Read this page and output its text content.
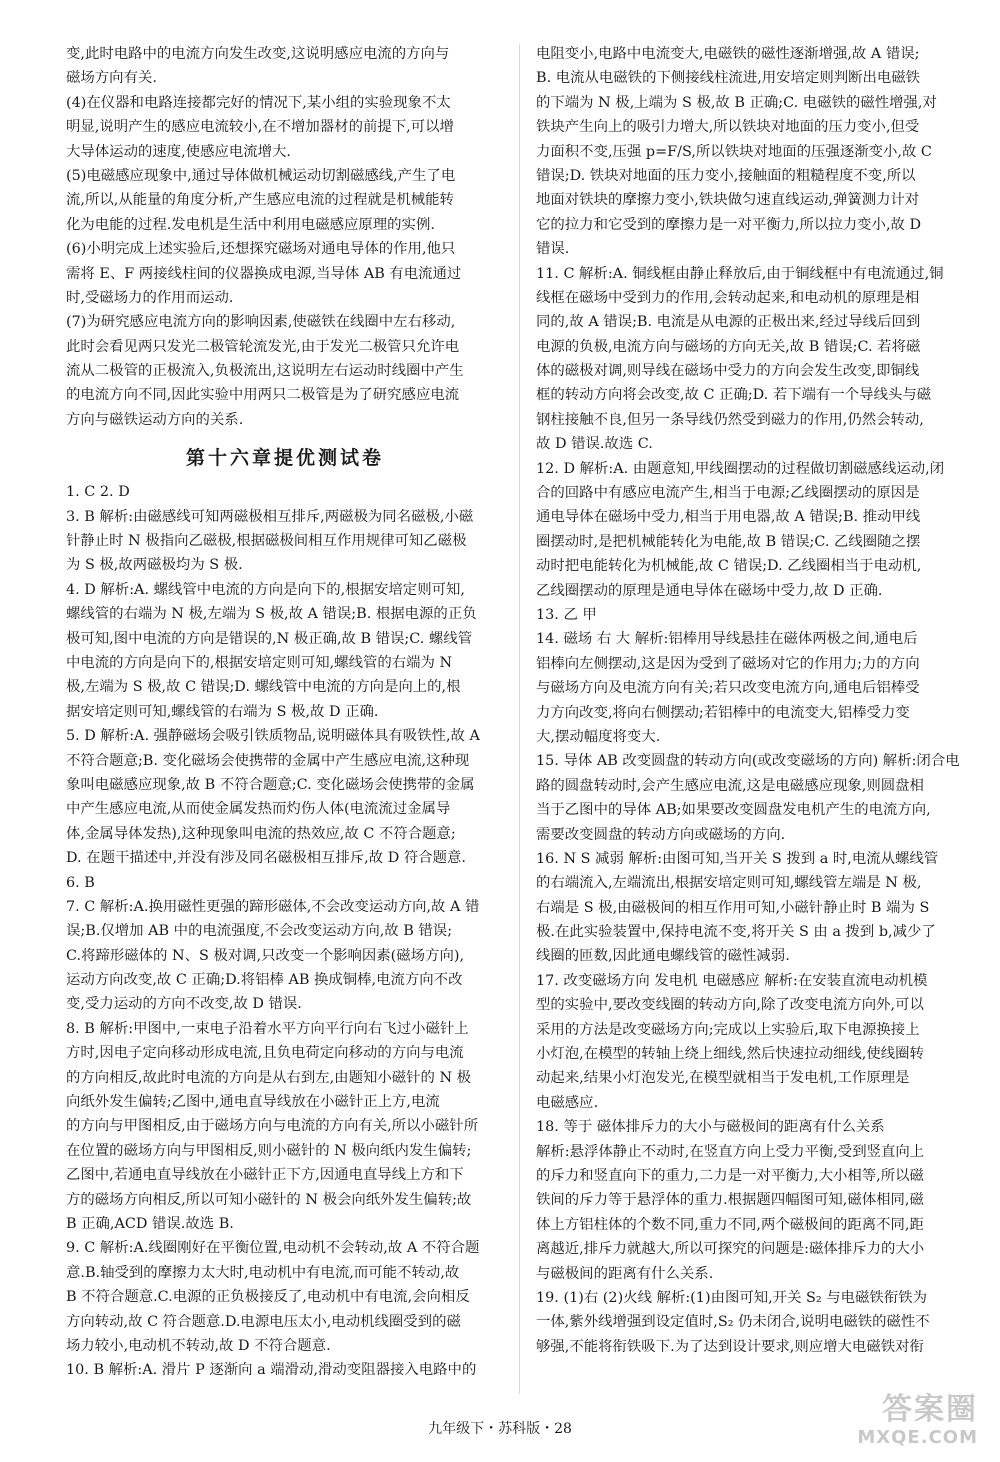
变,此时电路中的电流方向发生改变,这说明感应电流的方向与
磁场方向有关.
(4)在仪器和电路连接都完好的情况下,某小组的实验现象不太
明显,说明产生的感应电流较小,在不增加器材的前提下,可以增
大导体运动的速度,使感应电流增大.
(5)电磁感应现象中,通过导体做机械运动切割磁感线,产生了电
流,所以,从能量的角度分析,产生感应电流的过程就是机械能转
化为电能的过程.发电机是生活中利用电磁感应原理的实例.
(6)小明完成上述实验后,还想探究磁场对通电导体的作用,他只
需将 E、F 两接线柱间的仪器换成电源,当导体 AB 有电流通过
时,受磁场力的作用而运动.
(7)为研究感应电流方向的影响因素,使磁铁在线圈中左右移动,
此时会看见两只发光二极管轮流发光,由于发光二极管只允许电
流从二极管的正极流入,负极流出,这说明左右运动时线圈中产生
的电流方向不同,因此实验中用两只二极管是为了研究感应电流
方向与磁铁运动方向的关系.
第十六章提优测试卷
1. C 2. D
3. B 解析:由磁感线可知两磁极相互排斥,两磁极为同名磁极,小磁
针静止时 N 极指向乙磁极,根据磁极间相互作用规律可知乙磁极
为 S 极,故两磁极均为 S 极.
4. D 解析:A. 螺线管中电流的方向是向下的,根据安培定则可知,
螺线管的右端为 N 极,左端为 S 极,故 A 错误;B. 根据电源的正负
极可知,图中电流的方向是错误的,N 极正确,故 B 错误;C. 螺线管
中电流的方向是向下的,根据安培定则可知,螺线管的右端为 N
极,左端为 S 极,故 C 错误;D. 螺线管中电流的方向是向上的,根
据安培定则可知,螺线管的右端为 S 极,故 D 正确.
5. D 解析:A. 强静磁场会吸引铁质物品,说明磁体具有吸铁性,故 A
不符合题意;B. 变化磁场会使携带的金属中产生感应电流,这种现
象叫电磁感应现象,故 B 不符合题意;C. 变化磁场会使携带的金属
中产生感应电流,从而使金属发热而灼伤人体(电流流过金属导
体,金属导体发热),这种现象叫电流的热效应,故 C 不符合题意;
D. 在题干描述中,并没有涉及同名磁极相互排斥,故 D 符合题意.
6. B
7. C 解析:A.换用磁性更强的蹄形磁体,不会改变运动方向,故 A 错
误;B.仅增加 AB 中的电流强度,不会改变运动方向,故 B 错误;
C.将蹄形磁体的 N、S 极对调,只改变一个影响因素(磁场方向),
运动方向改变,故 C 正确;D.将铝棒 AB 换成铜棒,电流方向不改
变,受力运动的方向不改变,故 D 错误.
8. B 解析:甲图中,一束电子沿着水平方向平行向右飞过小磁针上
方时,因电子定向移动形成电流,且负电荷定向移动的方向与电流
的方向相反,故此时电流的方向是从右到左,由题知小磁针的 N 极
向纸外发生偏转;乙图中,通电直导线放在小磁针正上方,电流
的方向与甲图相反,由于磁场方向与电流的方向有关,所以小磁针所
在位置的磁场方向与甲图相反,则小磁针的 N 极向纸内发生偏转;
乙图中,若通电直导线放在小磁针正下方,因通电直导线上方和下
方的磁场方向相反,所以可知小磁针的 N 极会向纸外发生偏转;故
B 正确,ACD 错误.故选 B.
9. C 解析:A.线圈刚好在平衡位置,电动机不会转动,故 A 不符合题
意.B.轴受到的摩擦力太大时,电动机中有电流,而可能不转动,故
B 不符合题意.C.电源的正负极接反了,电动机中有电流,会向相反
方向转动,故 C 符合题意.D.电源电压太小,电动机线圈受到的磁
场力较小,电动机不转动,故 D 不符合题意.
10. B 解析:A. 滑片 P 逐渐向 a 端滑动,滑动变阻器接入电路中的
电阻变小,电路中电流变大,电磁铁的磁性逐渐增强,故 A 错误;
B. 电流从电磁铁的下侧接线柱流进,用安培定则判断出电磁铁
的下端为 N 极,上端为 S 极,故 B 正确;C. 电磁铁的磁性增强,对
铁块产生向上的吸引力增大,所以铁块对地面的压力变小,但受
力面积不变,压强 p=F/S,所以铁块对地面的压强逐渐变小,故 C
错误;D. 铁块对地面的压力变小,接触面的粗糙程度不变,所以
地面对铁块的摩擦力变小,铁块做匀速直线运动,弹簧测力计对
它的拉力和它受到的摩擦力是一对平衡力,所以拉力变小,故 D
错误.
11. C 解析:A. 铜线框由静止释放后,由于铜线框中有电流通过,铜
线框在磁场中受到力的作用,会转动起来,和电动机的原理是相
同的,故 A 错误;B. 电流是从电源的正极出来,经过导线后回到
电源的负极,电流方向与磁场的方向无关,故 B 错误;C. 若将磁
体的磁极对调,则导线在磁场中受力的方向会发生改变,即铜线
框的转动方向将会改变,故 C 正确;D. 若下端有一个导线头与磁
钢柱接触不良,但另一条导线仍然受到磁力的作用,仍然会转动,
故 D 错误.故选 C.
12. D 解析:A. 由题意知,甲线圈摆动的过程做切割磁感线运动,闭
合的回路中有感应电流产生,相当于电源;乙线圈摆动的原因是
通电导体在磁场中受力,相当于用电器,故 A 错误;B. 推动甲线
圈摆动时,是把机械能转化为电能,故 B 错误;C. 乙线圈随之摆
动时把电能转化为机械能,故 C 错误;D. 乙线圈相当于电动机,
乙线圈摆动的原理是通电导体在磁场中受力,故 D 正确.
13. 乙 甲
14. 磁场 右 大 解析:铝棒用导线悬挂在磁体两极之间,通电后
铝棒向左侧摆动,这是因为受到了磁场对它的作用力;力的方向
与磁场方向及电流方向有关;若只改变电流方向,通电后铝棒受
力方向改变,将向右侧摆动;若铝棒中的电流变大,铝棒受力变
大,摆动幅度将变大.
15. 导体 AB 改变圆盘的转动方向(或改变磁场的方向) 解析:闭合电
路的圆盘转动时,会产生感应电流,这是电磁感应现象,则圆盘相
当于乙图中的导体 AB;如果要改变圆盘发电机产生的电流方向,
需要改变圆盘的转动方向或磁场的方向.
16. N S 减弱 解析:由图可知,当开关 S 拨到 a 时,电流从螺线管
的右端流入,左端流出,根据安培定则可知,螺线管左端是 N 极,
右端是 S 极,由磁极间的相互作用可知,小磁针静止时 B 端为 S
极.在此实验装置中,保持电流不变,将开关 S 由 a 拨到 b,减少了
线圈的匝数,因此通电螺线管的磁性减弱.
17. 改变磁场方向 发电机 电磁感应 解析:在安装直流电动机模
型的实验中,要改变线圈的转动方向,除了改变电流方向外,可以
采用的方法是改变磁场方向;完成以上实验后,取下电源换接上
小灯泡,在模型的转轴上绕上细线,然后快速拉动细线,使线圈转
动起来,结果小灯泡发光,在模型就相当于发电机,工作原理是
电磁感应.
18. 等于 磁体排斥力的大小与磁极间的距离有什么关系
解析:悬浮体静止不动时,在竖直方向上受力平衡,受到竖直向上
的斥力和竖直向下的重力,二力是一对平衡力,大小相等,所以磁
铁间的斥力等于悬浮体的重力.根据题四幅图可知,磁体相同,磁
体上方铝柱体的个数不同,重力不同,两个磁极间的距离不同,距
离越近,排斥力就越大,所以可探究的问题是:磁体排斥力的大小
与磁极间的距离有什么关系.
19. (1)右 (2)火线 解析:(1)由图可知,开关 S₂ 与电磁铁衔铁为
一体,紫外线增强到设定值时,S₂ 仍未闭合,说明电磁铁的磁性不
够强,不能将衔铁吸下.为了达到设计要求,则应增大电磁铁对衔
九年级下・苏科版・28
答案圈
MXQE.COM
